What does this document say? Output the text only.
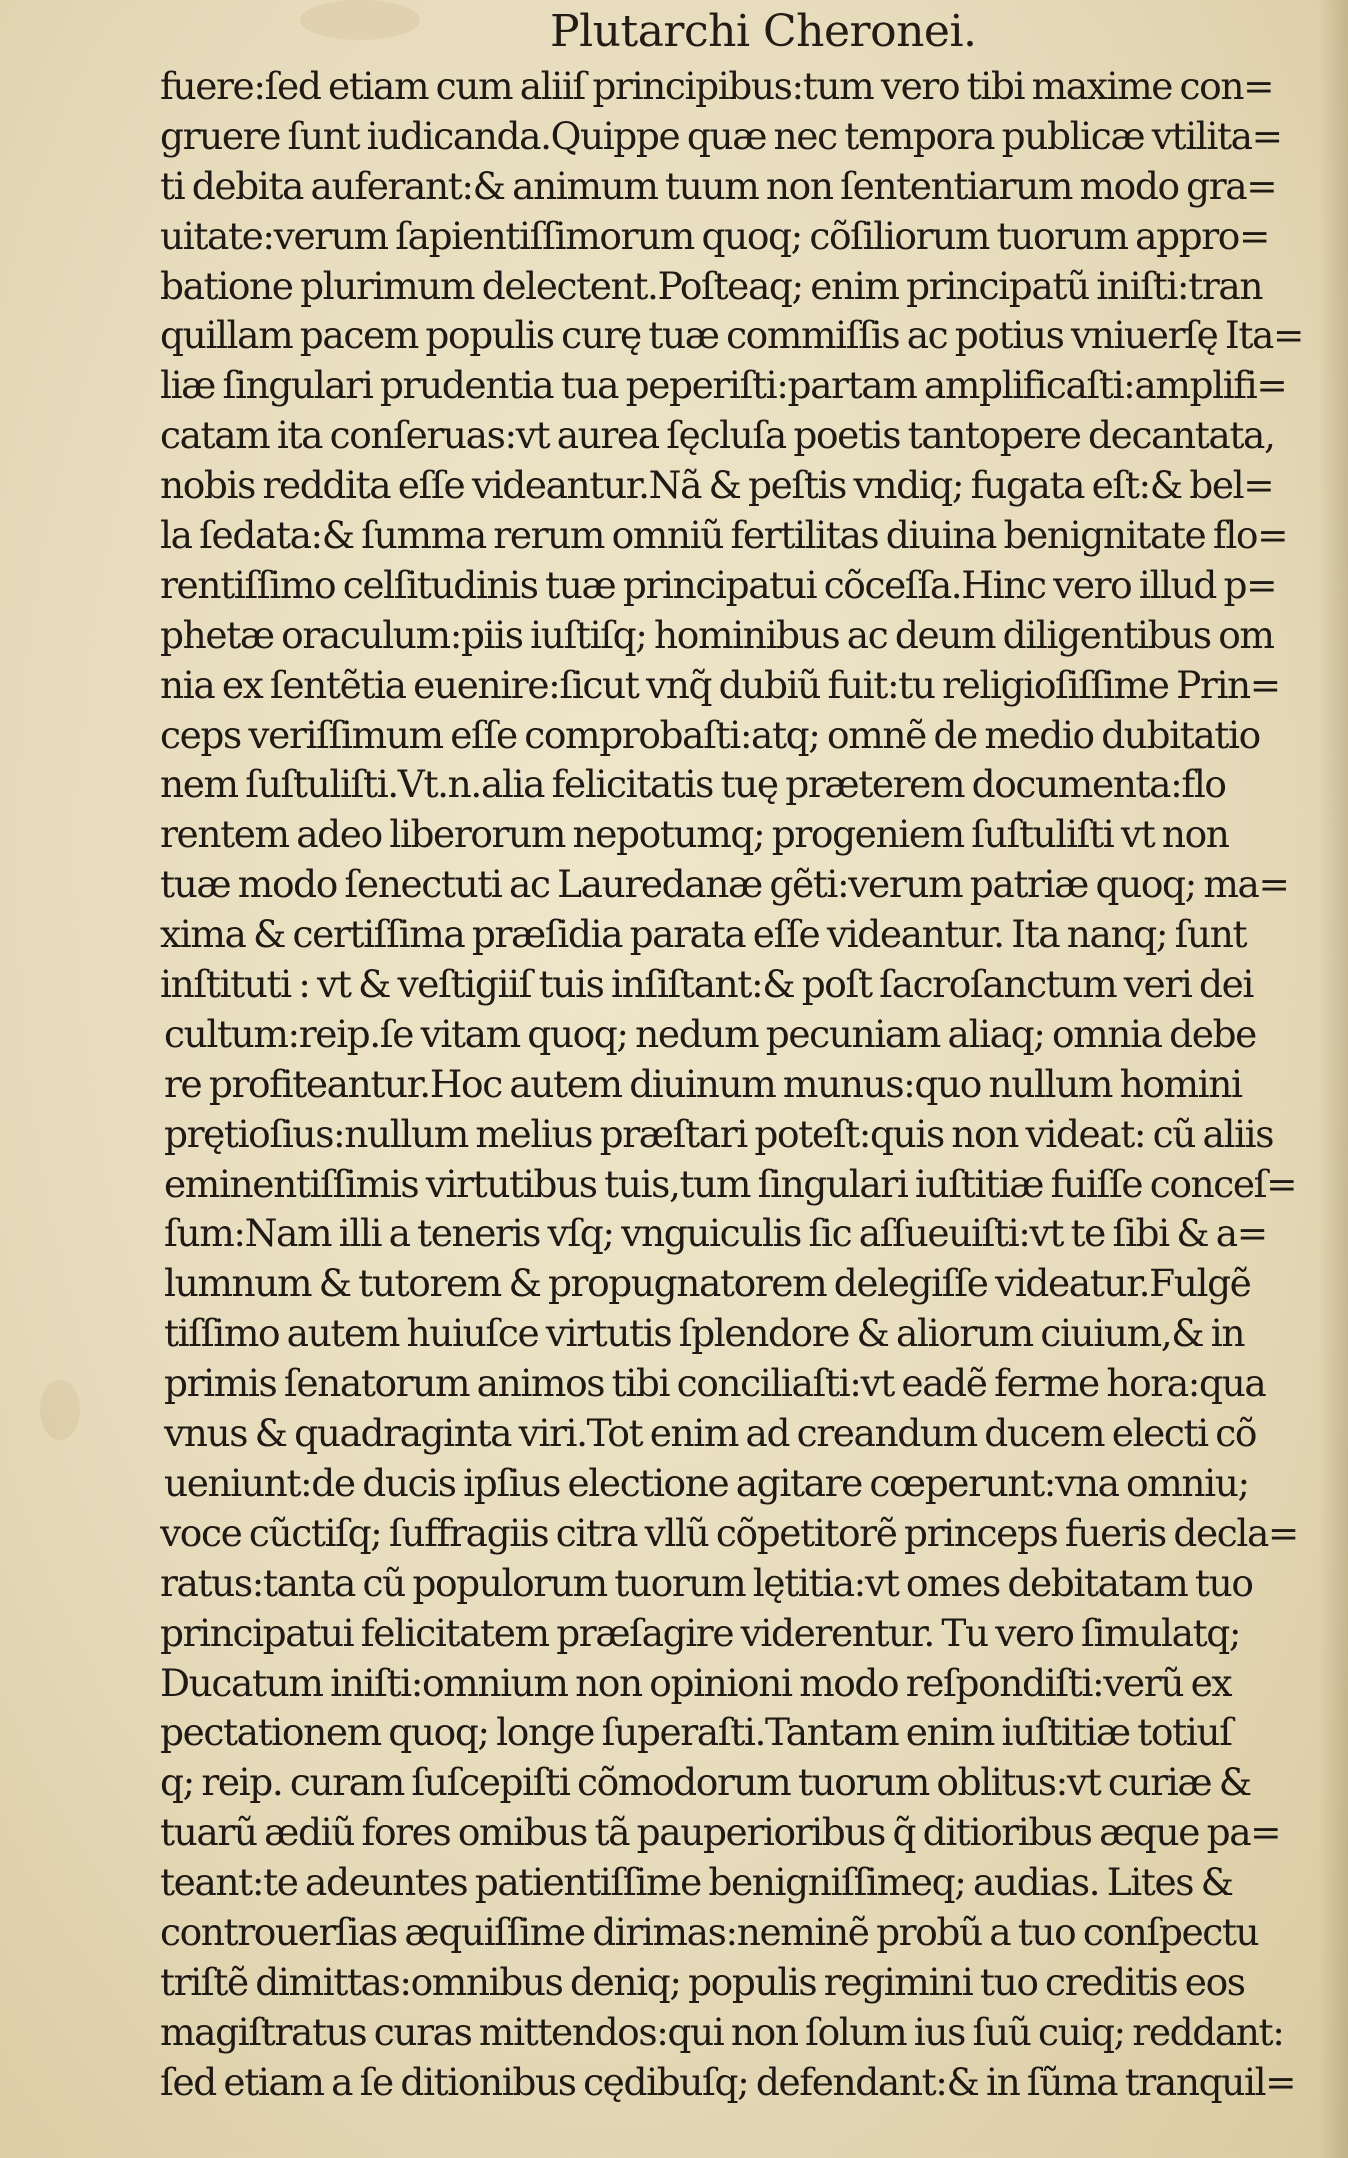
Plutarchi Cheronei.
fuere:ſed etiam cum aliiſ principibus:tum vero tibi maxime con=
gruere ſunt iudicanda.Quippe quæ nec tempora publicæ vtilita=
ti debita auferant:& animum tuum non ſententiarum modo gra=
uitate:verum ſapientiſſimorum quoq; cõſiliorum tuorum appro=
batione plurimum delectent.Poſteaq; enim principatũ iniſti:tran
quillam pacem populis curę tuæ commiſſis ac potius vniuerſę Ita=
liæ ſingulari prudentia tua peperiſti:partam amplificaſti:amplifi=
catam ita conſeruas:vt aurea ſęcluſa poetis tantopere decantata,
nobis reddita eſſe videantur.Nã & peſtis vndiq; fugata eſt:& bel=
la ſedata:& ſumma rerum omniũ fertilitas diuina benignitate flo=
rentiſſimo celſitudinis tuæ principatui cõceſſa.Hinc vero illud p=
phetæ oraculum:piis iuſtiſq; hominibus ac deum diligentibus om
nia ex ſentẽtia euenire:ſicut vnq̃ dubiũ fuit:tu religioſiſſime Prin=
ceps veriſſimum eſſe comprobaſti:atq; omnẽ de medio dubitatio
nem ſuſtuliſti.Vt.n.alia felicitatis tuę præterem documenta:flo
rentem adeo liberorum nepotumq; progeniem ſuſtuliſti vt non
tuæ modo ſenectuti ac Lauredanæ gẽti:verum patriæ quoq; ma=
xima & certiſſima præſidia parata eſſe videantur. Ita nanq; ſunt
inſtituti : vt & veſtigiiſ tuis inſiſtant:& poſt ſacroſanctum veri dei
cultum:reip.ſe vitam quoq; nedum pecuniam aliaq; omnia debe
re profiteantur.Hoc autem diuinum munus:quo nullum homini
prętioſius:nullum melius præſtari poteſt:quis non videat: cũ aliis
eminentiſſimis virtutibus tuis,tum ſingulari iuſtitiæ fuiſſe conceſ=
ſum:Nam illi a teneris vſq; vnguiculis ſic aſſueuiſti:vt te ſibi & a=
lumnum & tutorem & propugnatorem delegiſſe videatur.Fulgẽ
tiſſimo autem huiuſce virtutis ſplendore & aliorum ciuium,& in
primis ſenatorum animos tibi conciliaſti:vt eadẽ ferme hora:qua
vnus & quadraginta viri.Tot enim ad creandum ducem electi cõ
ueniunt:de ducis ipſius electione agitare cœperunt:vna omniu;
voce cũctiſq; ſuffragiis citra vllũ cõpetitorẽ princeps fueris decla=
ratus:tanta cũ populorum tuorum lętitia:vt omes debitatam tuo
principatui felicitatem præſagire viderentur. Tu vero ſimulatq;
Ducatum iniſti:omnium non opinioni modo reſpondiſti:verũ ex
pectationem quoq; longe ſuperaſti.Tantam enim iuſtitiæ totiuſ
q; reip. curam ſuſcepiſti cõmodorum tuorum oblitus:vt curiæ &
tuarũ ædiũ fores omibus tã pauperioribus q̃ ditioribus æque pa=
teant:te adeuntes patientiſſime benigniſſimeq; audias. Lites &
controuerſias æquiſſime dirimas:neminẽ probũ a tuo conſpectu
triſtẽ dimittas:omnibus deniq; populis regimini tuo creditis eos
magiſtratus curas mittendos:qui non ſolum ius ſuũ cuiq; reddant:
ſed etiam a ſe ditionibus cędibuſq; defendant:& in ſũma tranquil=
